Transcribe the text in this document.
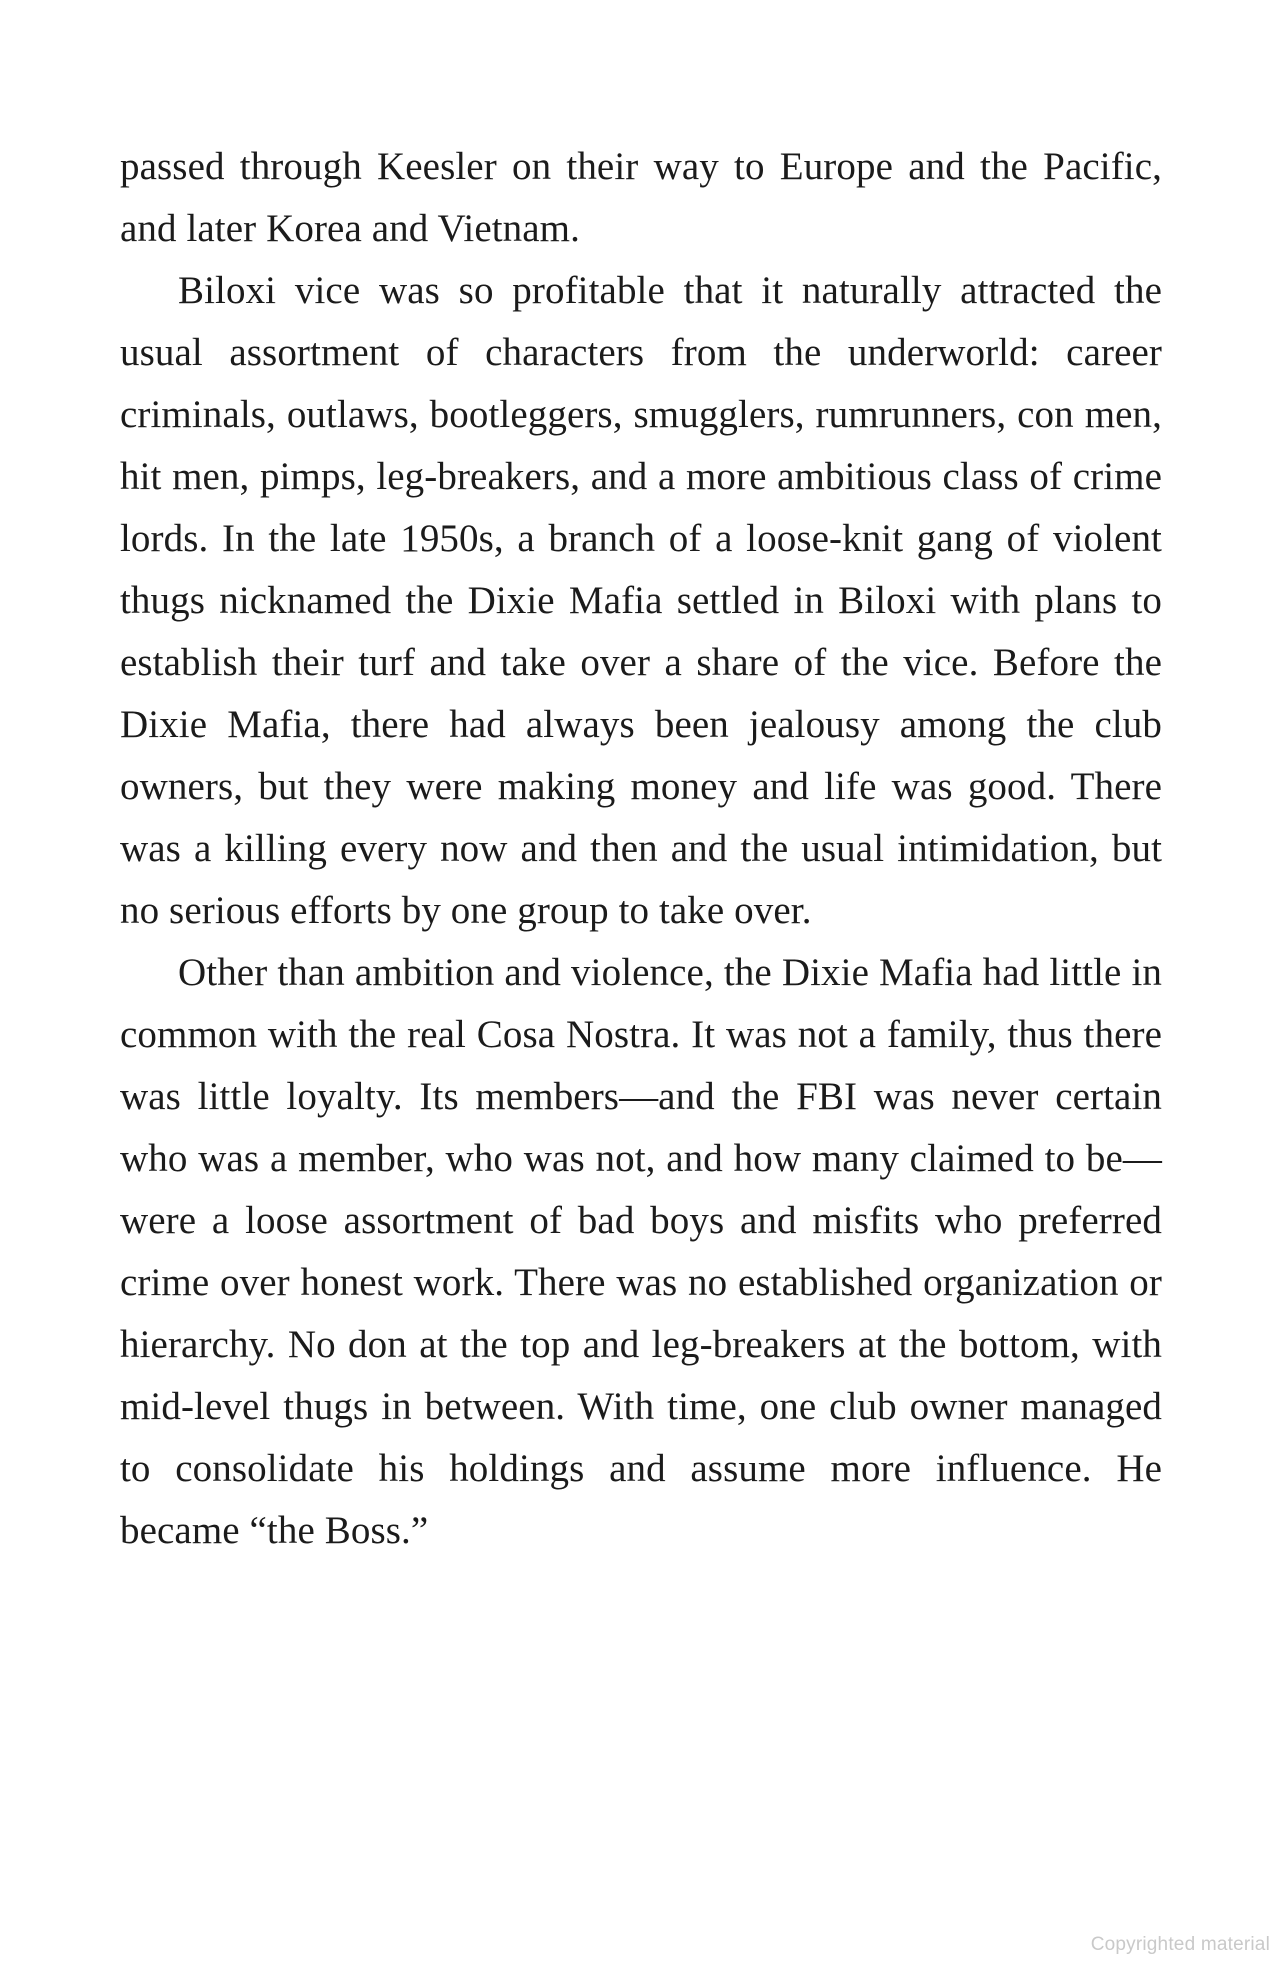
passed through Keesler on their way to Europe and the Pacific, and later Korea and Vietnam.

Biloxi vice was so profitable that it naturally attracted the usual assortment of characters from the underworld: career criminals, outlaws, bootleggers, smugglers, rumrunners, con men, hit men, pimps, leg-breakers, and a more ambitious class of crime lords. In the late 1950s, a branch of a loose-knit gang of violent thugs nicknamed the Dixie Mafia settled in Biloxi with plans to establish their turf and take over a share of the vice. Before the Dixie Mafia, there had always been jealousy among the club owners, but they were making money and life was good. There was a killing every now and then and the usual intimidation, but no serious efforts by one group to take over.

Other than ambition and violence, the Dixie Mafia had little in common with the real Cosa Nostra. It was not a family, thus there was little loyalty. Its members—and the FBI was never certain who was a member, who was not, and how many claimed to be—were a loose assortment of bad boys and misfits who preferred crime over honest work. There was no established organization or hierarchy. No don at the top and leg-breakers at the bottom, with mid-level thugs in between. With time, one club owner managed to consolidate his holdings and assume more influence. He became “the Boss.”

Copyrighted material
